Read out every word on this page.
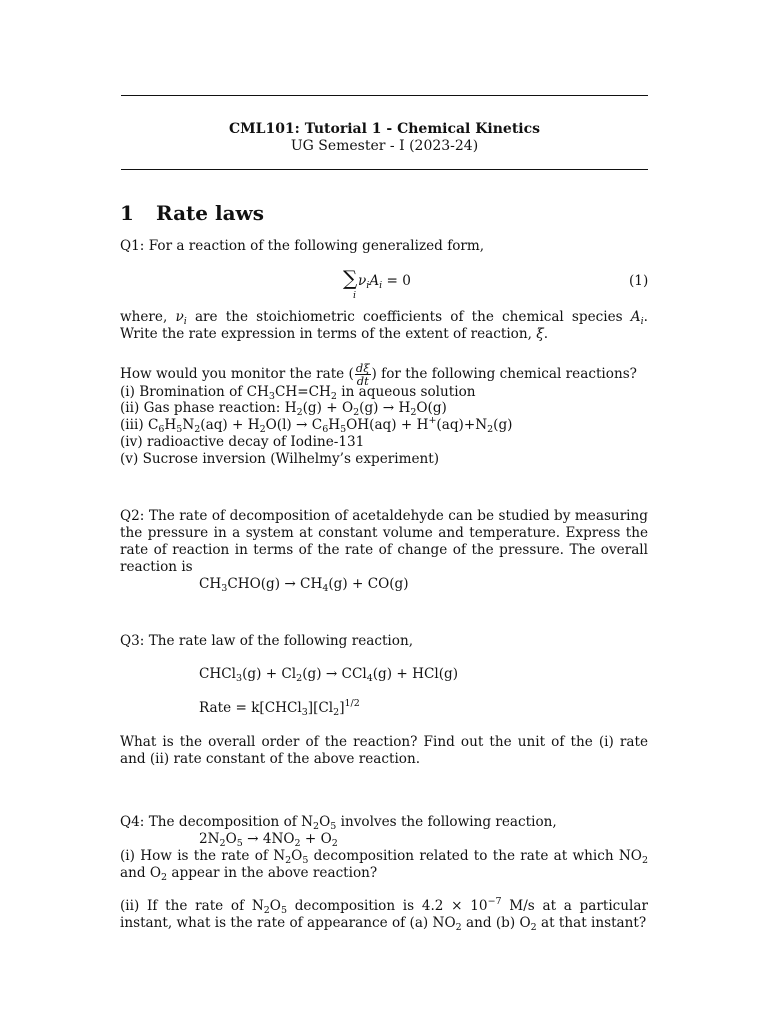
CML101: Tutorial 1 - Chemical Kinetics
UG Semester - I (2023-24)
1 Rate laws
Q1: For a reaction of the following generalized form,
∑
i
$\nu_iA_i = 0$	(1)
where, $\nu_i$ are the stoichiometric coefficients of the chemical species $A_i$. Write the rate expression in terms of the extent of reaction, ξ.
How would you monitor the rate ( $\frac{d\xi}{dt}$ ) for the following chemical reactions?
(i) Bromination of $CH_3CH=CH_2$ in aqueous solution
(ii) Gas phase reaction: $H_2(g) + O_2(g) \to H_2O(g)$
(iii) $C_6H_5N_2(aq) + H_2O(l) \to C_6H_5OH(aq) + H^+(aq)+N_2(g)$
(iv) radioactive decay of Iodine-131
(v) Sucrose inversion (Wilhelmy’s experiment)
Q2: The rate of decomposition of acetaldehyde can be studied by measuring the pressure in a system at constant volume and temperature. Express the rate of reaction in terms of the rate of change of the pressure. The overall reaction is
$CH_3CHO(g) \to CH_4(g) + CO(g)$
Q3: The rate law of the following reaction,
CHCl$_3$(g) + $Cl_2(g) \to CCl_4(g) + HCl(g)$
Rate = $k[CHCl_3][Cl_2]^{1/2}$
What is the overall order of the reaction? Find out the unit of the (i) rate and (ii) rate constant of the above reaction.
Q4: The decomposition of $N_2O_5$ involves the following reaction,
$2N_2O_5 \to 4NO_2 + O_2$
(i) How is the rate of $N_2O_5$ decomposition related to the rate at which $NO_2$ and $O_2$ appear in the above reaction?
(ii) If the rate of $N_2O_5$ decomposition is $4.2 \times 10^{-7}$ M/s at a particular instant, what is the rate of appearance of (a) $NO_2$ and (b) $O_2$ at that instant?
